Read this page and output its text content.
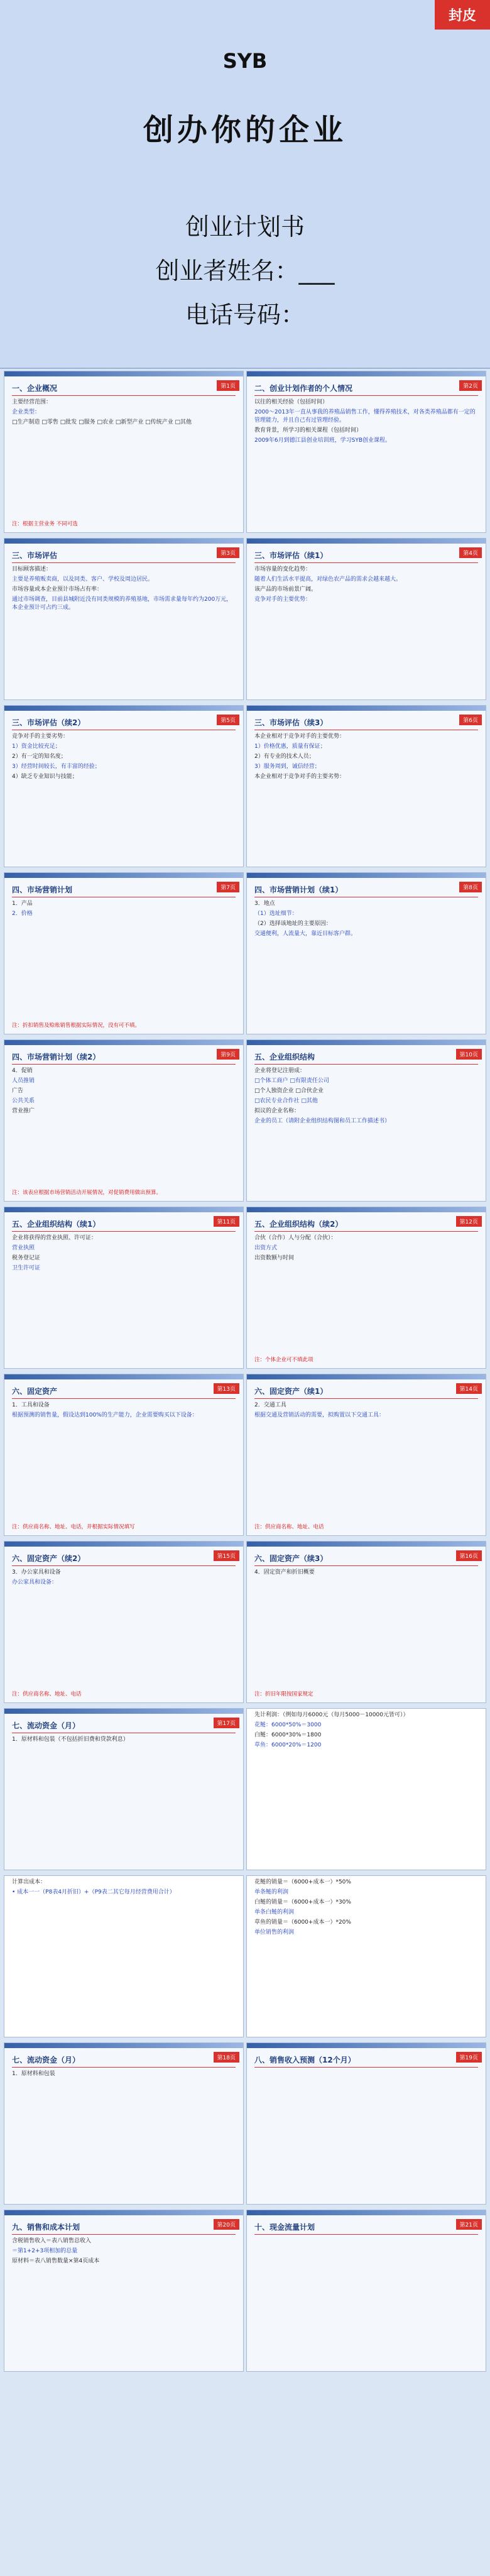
封皮
SYB
创办你的企业
创业计划书
创业者姓名：___
电话号码：
一、企业概况	第1页

主要经营范围：

企业类型：

□生产制造 □零售 □批发 □服务 □农业 □新型产业 □传统产业 □其他

注：根据主营业务 不同可选
二、创业计划作者的个人情况	第2页

以往的相关经验（包括时间）

2000～2013年一直从事我的养殖品销售工作，懂得养殖技术，对各类养殖品都有一定的管理能力，并且自己有过管理经验。

教育背景，所学习的相关课程（包括时间）

2009年6月到德江县创业培训班，学习SYB创业课程。

三、市场评估	第3页

目标顾客描述：

主要是养殖贩卖商，以及同类、客户、学校及周边居民。

市场容量或本企业预计市场占有率：

通过市场调查，目前县城附近没有同类规模的养殖基地，市场需求量每年约为200万元，本企业预计可占约三成。

三、市场评估（续1）	第4页

市场容量的变化趋势：

随着人们生活水平提高，对绿色农产品的需求会越来越大。

该产品的市场前景广阔。

竞争对手的主要优势：

三、市场评估（续2）	第5页

竞争对手的主要劣势：

1）资金比较充足；

2）有一定的知名度；

3）经营时间较长，有丰富的经验；

4）缺乏专业知识与技能；

三、市场评估（续3）	第6页

本企业相对于竞争对手的主要优势：

1）价格优惠，质量有保证；

2）有专业的技术人员；

3）服务周到，诚信经营；

本企业相对于竞争对手的主要劣势：

四、市场营销计划	第7页

1．产品

2．价格

注：折扣销售及赊账销售根据实际情况，没有可不填。
四、市场营销计划（续1）	第8页

3．地点

（1）选址细节：

（2）选择该地址的主要原因：

交通便利，人流量大，靠近目标客户群。

四、市场营销计划（续2）	第9页

4．促销

人员推销

广告

公共关系

营业推广

注：该表应根据市场营销活动开展情况，对促销费用做出预算。
五、企业组织结构	第10页

企业将登记注册成：

□个体工商户 □有限责任公司

□个人独资企业 □合伙企业

□农民专业合作社 □其他

拟议的企业名称：

企业的员工（请附企业组织结构图和员工工作描述书）

五、企业组织结构（续1）	第11页

企业将获得的营业执照、许可证：

营业执照

税务登记证

卫生许可证

五、企业组织结构（续2）	第12页

合伙（合作）人与分配（合伙）：

出资方式

出资数额与时间

注：个体企业可不填此项
六、固定资产	第13页

1．工具和设备

根据预测的销售量，假设达到100%的生产能力，企业需要购买以下设备：

注：供应商名称、地址、电话，并根据实际情况填写
六、固定资产（续1）	第14页

2．交通工具

根据交通及营销活动的需要，拟购置以下交通工具：

注：供应商名称、地址、电话
六、固定资产（续2）	第15页

3．办公家具和设备

办公家具和设备：

注：供应商名称、地址、电话
六、固定资产（续3）	第16页

4．固定资产和折旧概要

注：折旧年限按国家规定
七、流动资金（月）	第17页

1．原材料和包装（不包括折旧费和贷款利息）

先计利润：（例如每月6000元（每月5000－10000元皆可））

花鲢：6000*50%＝3000

白鲢：6000*30%＝1800

草鱼：6000*20%＝1200

计算出成本：

• 成本一一（P8表4月折旧）+（P9表二其它每月经营费用合计）

花鲢的销量＝（6000+成本一）*50%

单条鲢的利润

白鲢的销量＝（6000+成本一）*30%

单条白鲢的利润

草鱼的销量＝（6000+成本一）*20%

单位销售的利润

七、流动资金（月）	第18页

1．原材料和包装

八、销售收入预测（12个月）	第19页
九、销售和成本计划	第20页

含税销售收入＝表八销售总收入

＝第1+2+3项相加的总量

原材料＝表八销售数量×第4页成本

十、现金流量计划	第21页
